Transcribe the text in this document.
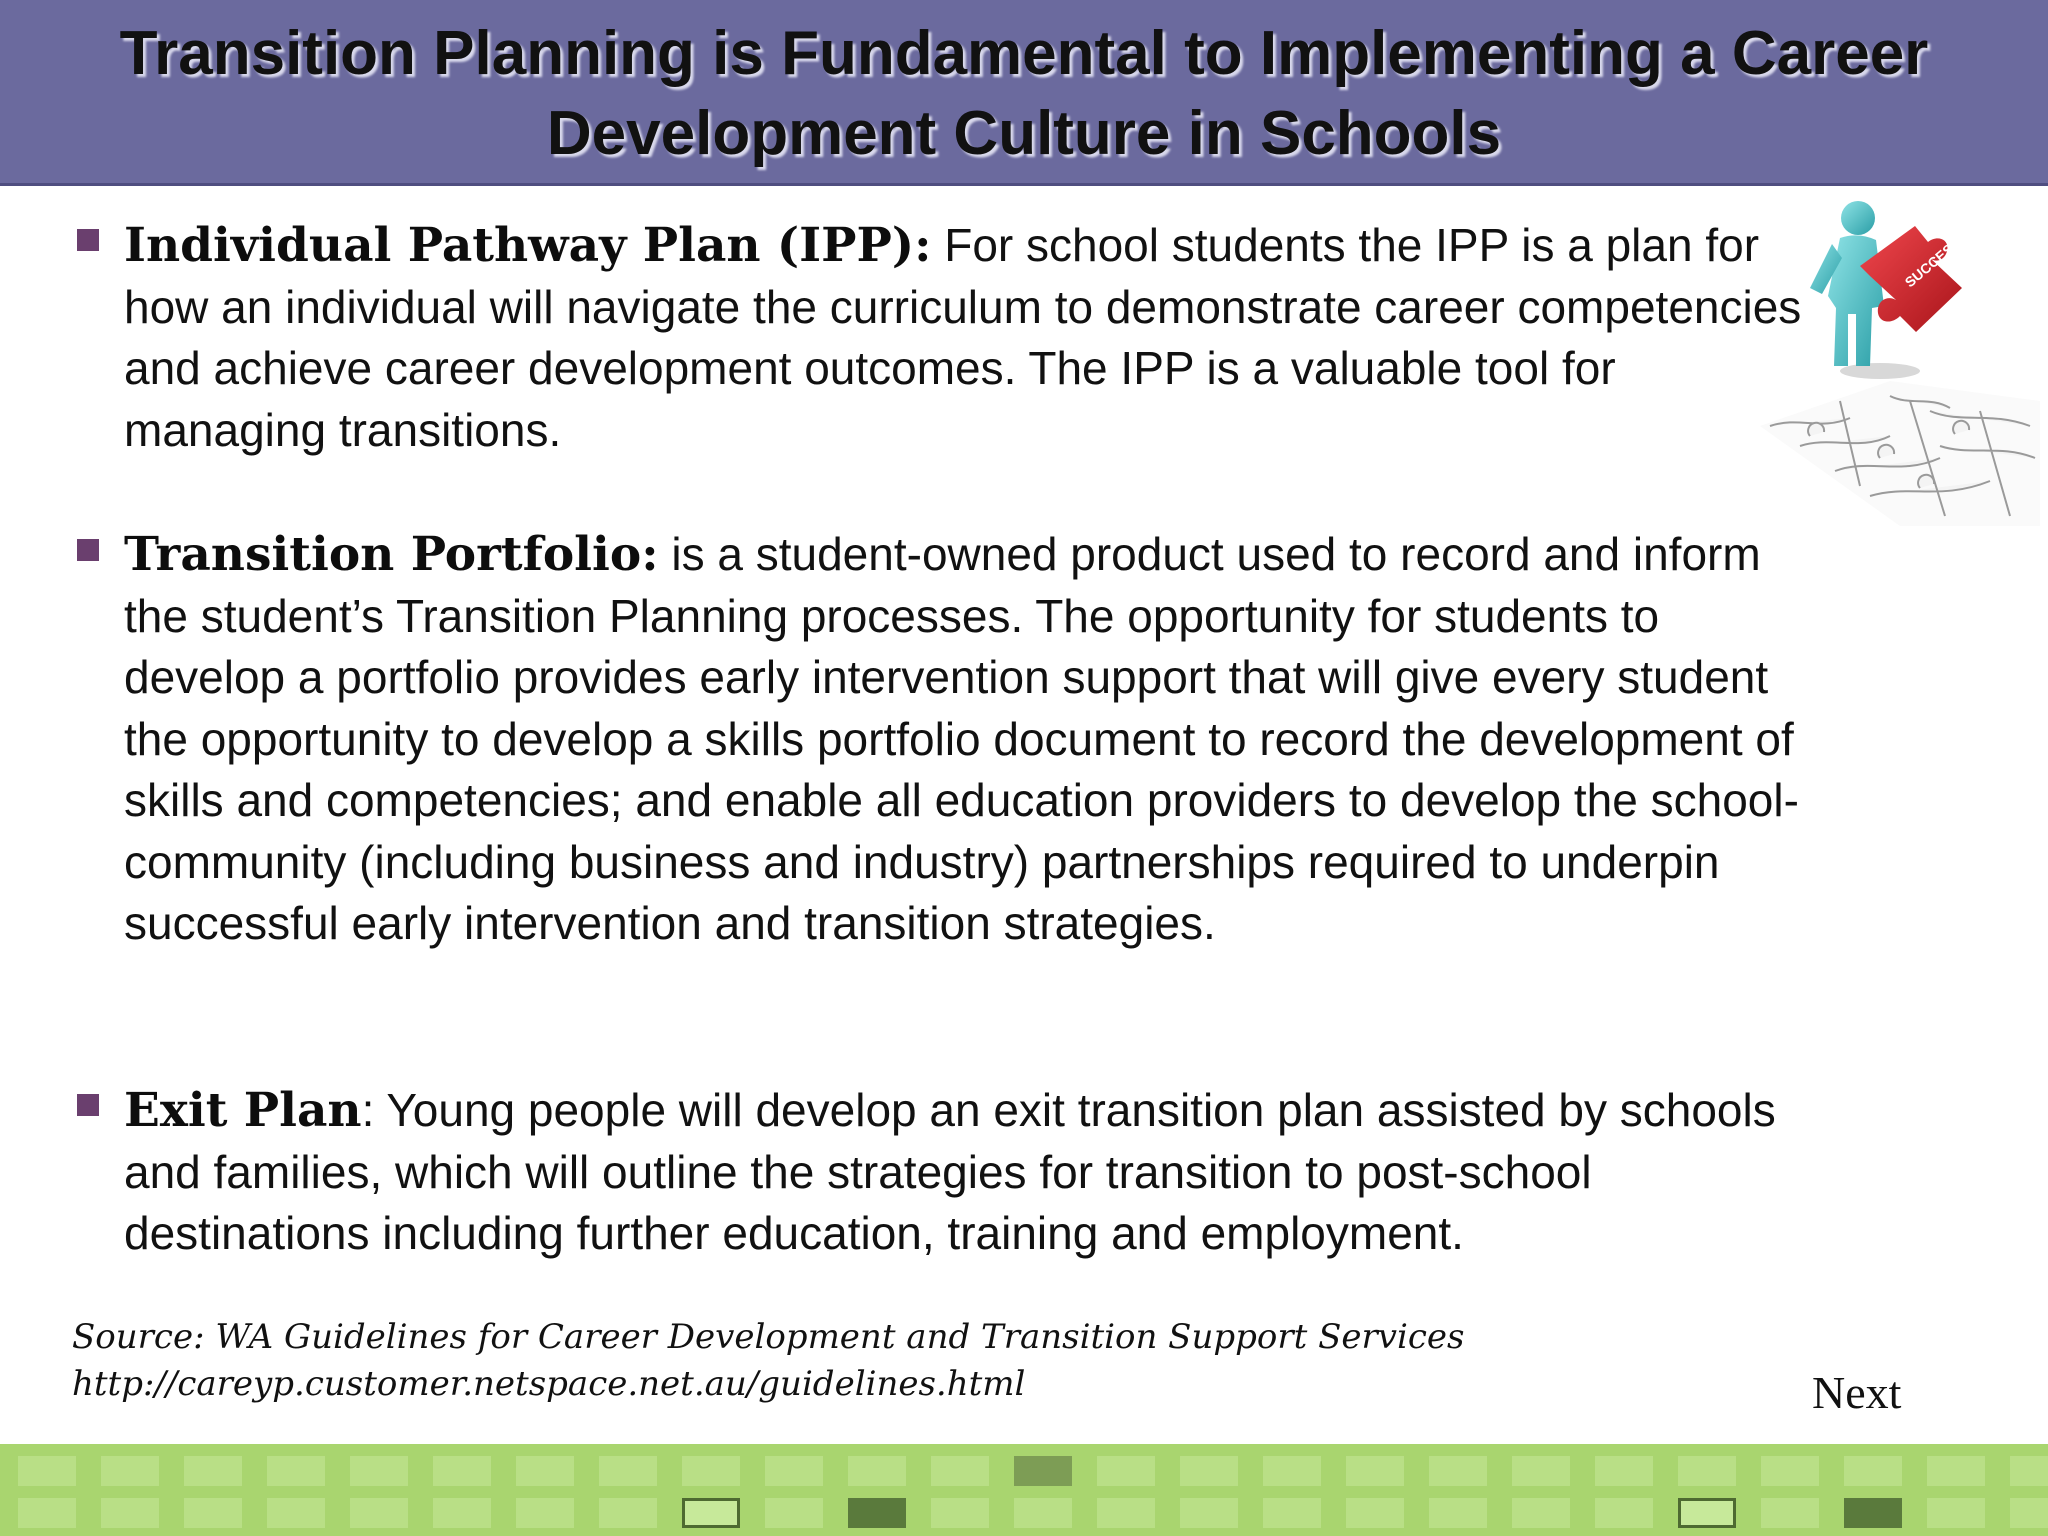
Transition Planning is Fundamental to Implementing a Career
Development Culture in Schools
Individual Pathway Plan (IPP): For school students the IPP is a plan for how an individual will navigate the curriculum to demonstrate career competencies and achieve career development outcomes. The IPP is a valuable tool for managing transitions.
Transition Portfolio: is a student-owned product used to record and inform the student’s Transition Planning processes. The opportunity for students to develop a portfolio provides early intervention support that will give every student the opportunity to develop a skills portfolio document to record the development of skills and competencies; and enable all education providers to develop the school-community (including business and industry) partnerships required to underpin successful early intervention and transition strategies.
Exit Plan: Young people will develop an exit transition plan assisted by schools and families, which will outline the strategies for transition to post-school destinations including further education, training and employment.
SUCCESS
Source: WA Guidelines for Career Development and Transition Support Services
http://careyp.customer.netspace.net.au/guidelines.html	Next
